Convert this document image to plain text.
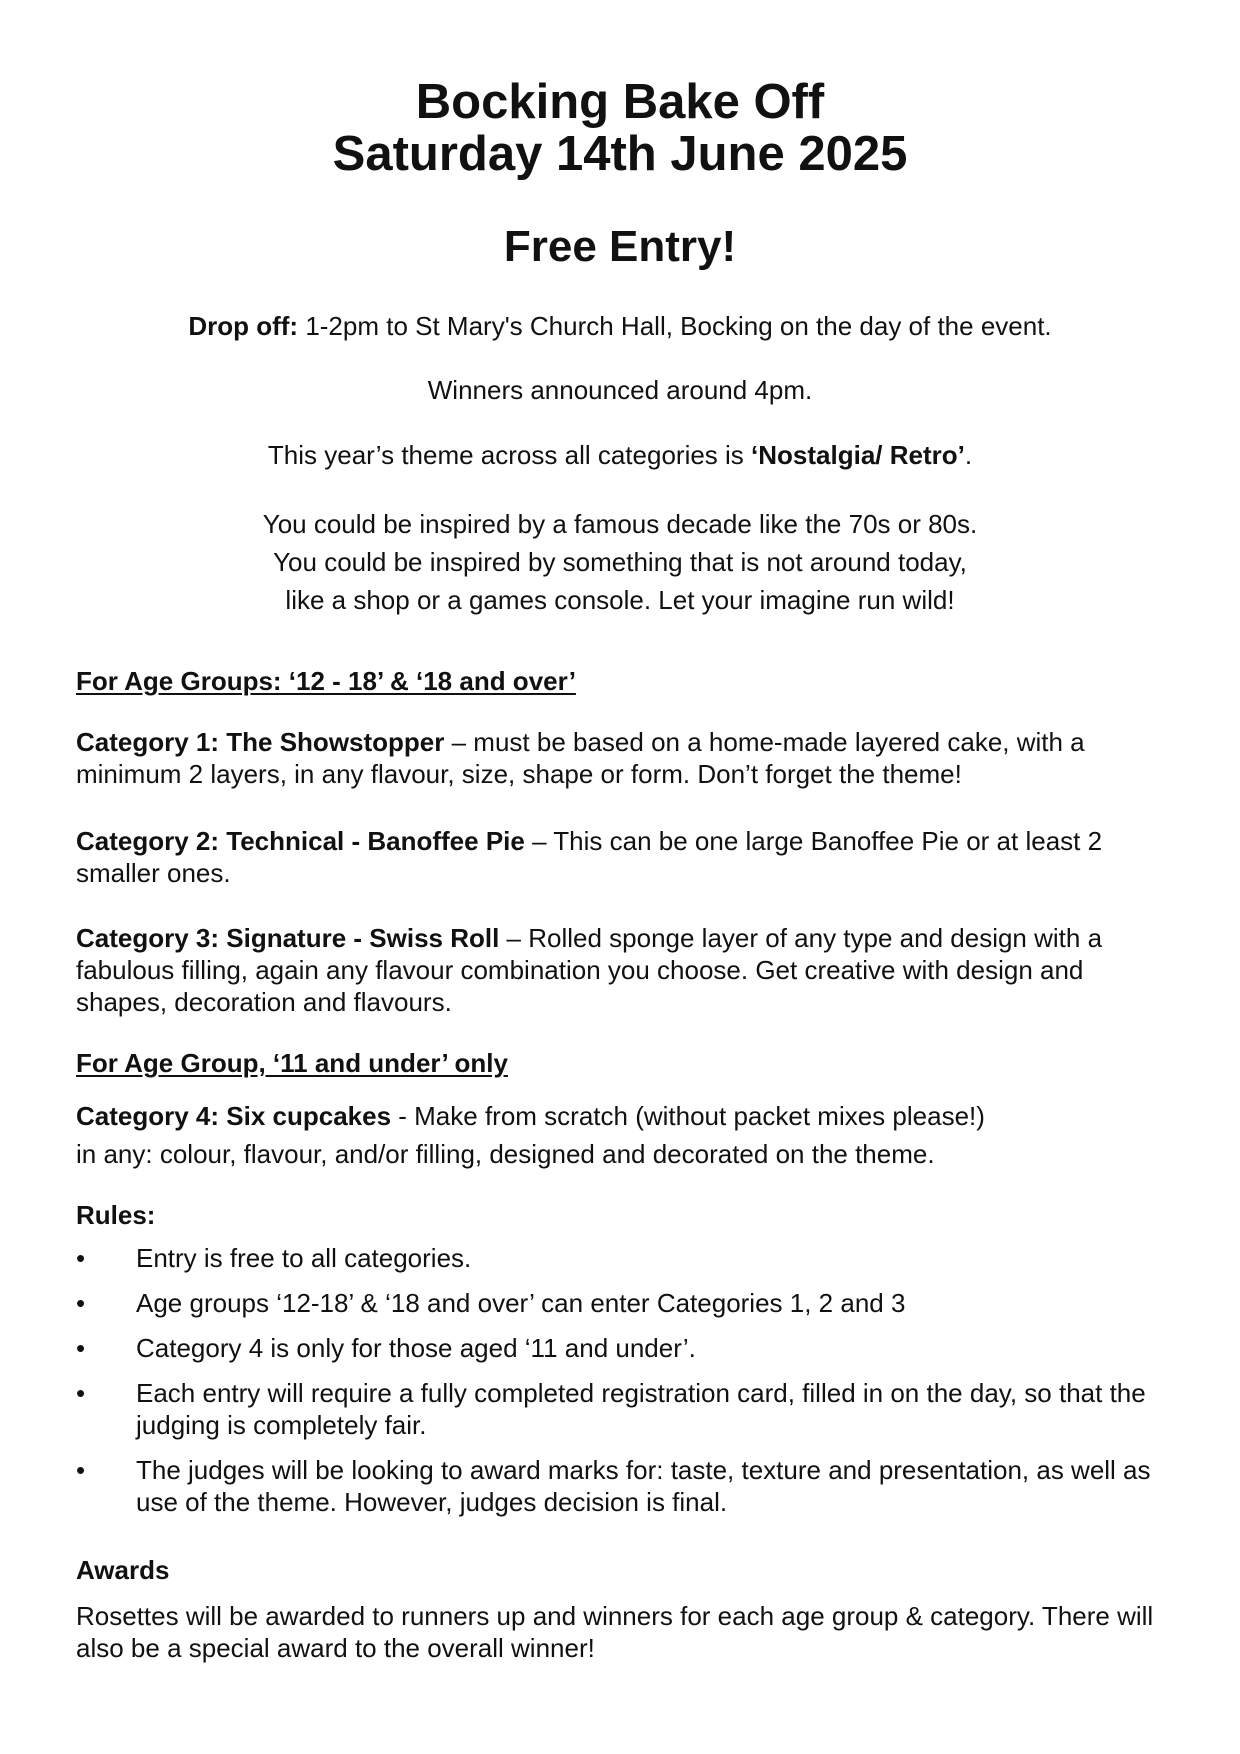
Bocking Bake Off
Saturday 14th June 2025
Free Entry!

Drop off: 1-2pm to St Mary's Church Hall, Bocking on the day of the event.

Winners announced around 4pm.

This year’s theme across all categories is ‘Nostalgia/ Retro’.

You could be inspired by a famous decade like the 70s or 80s.
You could be inspired by something that is not around today,
like a shop or a games console. Let your imagine run wild!

For Age Groups: ‘12 - 18’ & ‘18 and over’

Category 1: The Showstopper – must be based on a home-made layered cake, with a minimum 2 layers, in any flavour, size, shape or form. Don’t forget the theme!

Category 2: Technical - Banoffee Pie – This can be one large Banoffee Pie or at least 2 smaller ones.

Category 3: Signature - Swiss Roll – Rolled sponge layer of any type and design with a fabulous filling, again any flavour combination you choose. Get creative with design and shapes, decoration and flavours.

For Age Group, ‘11 and under’ only

Category 4: Six cupcakes - Make from scratch (without packet mixes please!)
in any: colour, flavour, and/or filling, designed and decorated on the theme.

Rules:

• Entry is free to all categories.
• Age groups ‘12-18’ & ‘18 and over’ can enter Categories 1, 2 and 3
• Category 4 is only for those aged ‘11 and under’.
• Each entry will require a fully completed registration card, filled in on the day, so that the judging is completely fair.
• The judges will be looking to award marks for: taste, texture and presentation, as well as use of the theme. However, judges decision is final.

Awards

Rosettes will be awarded to runners up and winners for each age group & category. There will also be a special award to the overall winner!
